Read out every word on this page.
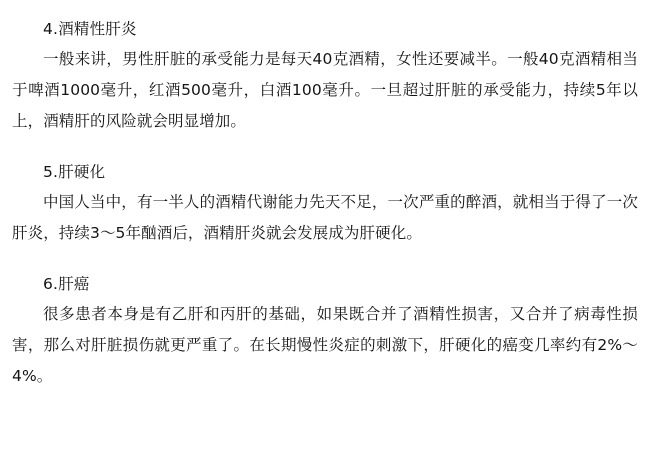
4.酒精性肝炎

一般来讲，男性肝脏的承受能力是每天40克酒精，女性还要减半。一般40克酒精相当于啤酒1000毫升，红酒500毫升，白酒100毫升。一旦超过肝脏的承受能力，持续5年以上，酒精肝的风险就会明显增加。

5.肝硬化

中国人当中，有一半人的酒精代谢能力先天不足，一次严重的醉酒，就相当于得了一次肝炎，持续3～5年酗酒后，酒精肝炎就会发展成为肝硬化。

6.肝癌

很多患者本身是有乙肝和丙肝的基础，如果既合并了酒精性损害，又合并了病毒性损害，那么对肝脏损伤就更严重了。在长期慢性炎症的刺激下，肝硬化的癌变几率约有2%～4%。
